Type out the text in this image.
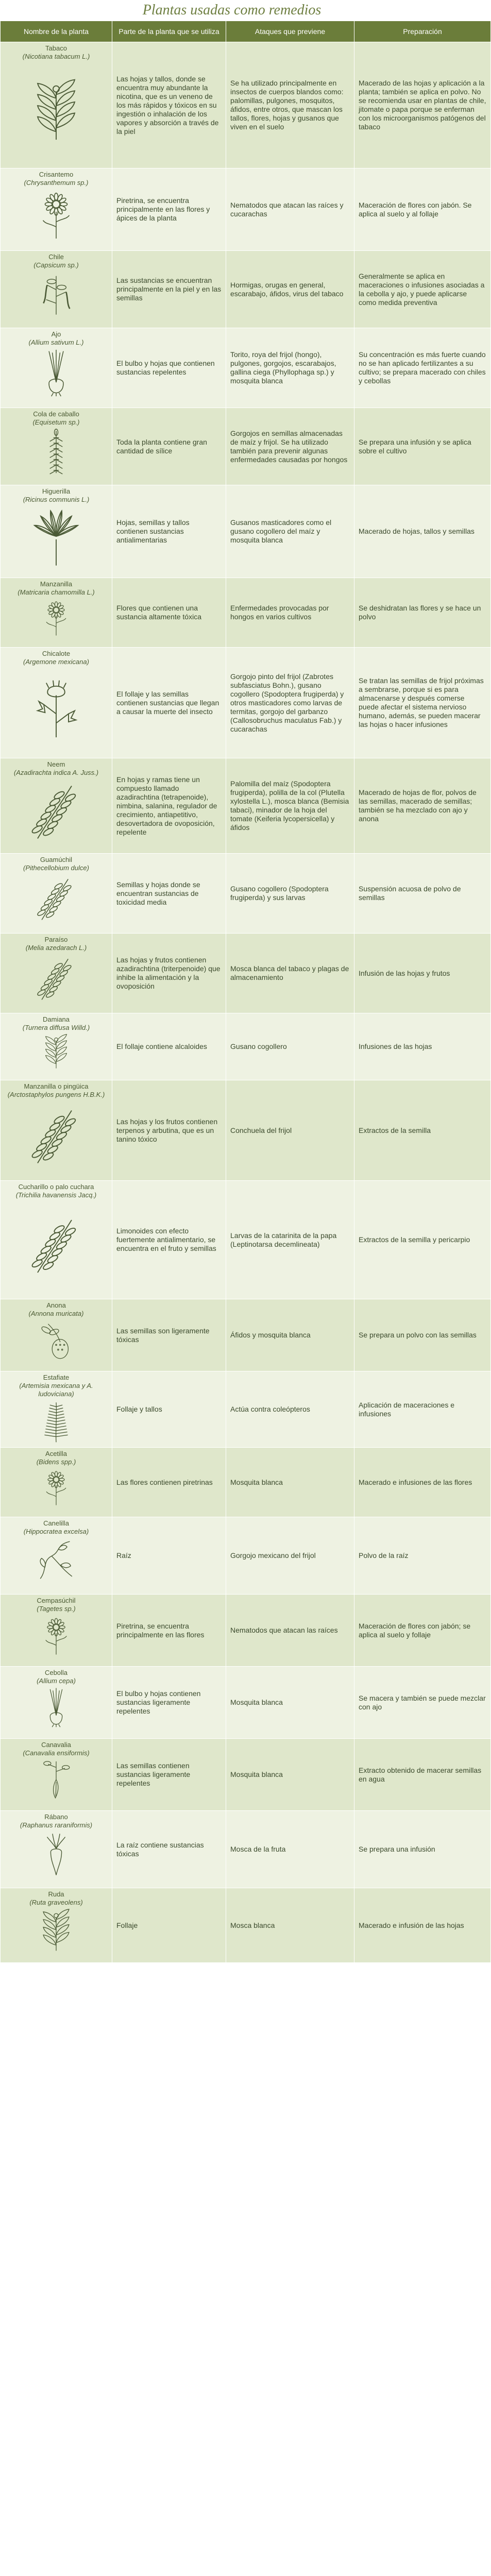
Plantas usadas como remedios
Nombre de la planta	Parte de la planta que se utiliza	Ataques que previene	Preparación

Tabaco
(Nicotiana tabacum L.)	Las hojas y tallos, donde se encuentra muy abundante la nicotina, que es un veneno de los más rápidos y tóxicos en su ingestión o inhalación de los vapores y absorción a través de la piel	Se ha utilizado principalmente en insectos de cuerpos blandos como: palomillas, pulgones, mosquitos, áfidos, entre otros, que mascan los tallos, flores, hojas y gusanos que viven en el suelo	Macerado de las hojas y aplicación a la planta; también se aplica en polvo. No se recomienda usar en plantas de chile, jitomate o papa porque se enferman con los microorganismos patógenos del tabaco

Crisantemo
(Chrysanthemum sp.)	Piretrina, se encuentra principalmente en las flores y ápices de la planta	Nematodos que atacan las raíces y cucarachas	Maceración de flores con jabón. Se aplica al suelo y al follaje

Chile
(Capsicum sp.)	Las sustancias se encuentran principalmente en la piel y en las semillas	Hormigas, orugas en general, escarabajo, áfidos, virus del tabaco	Generalmente se aplica en maceraciones o infusiones asociadas a la cebolla y ajo, y puede aplicarse como medida preventiva

Ajo
(Allium sativum L.)	El bulbo y hojas que contienen sustancias repelentes	Torito, roya del frijol (hongo), pulgones, gorgojos, escarabajos, gallina ciega (Phyllophaga sp.) y mosquita blanca	Su concentración es más fuerte cuando no se han aplicado fertilizantes a su cultivo; se prepara macerado con chiles y cebollas

Cola de caballo
(Equisetum sp.)	Toda la planta contiene gran cantidad de sílice	Gorgojos en semillas almacenadas de maíz y frijol. Se ha utilizado también para prevenir algunas enfermedades causadas por hongos	Se prepara una infusión y se aplica sobre el cultivo

Higuerilla
(Ricinus communis L.)	Hojas, semillas y tallos contienen sustancias antialimentarias	Gusanos masticadores como el gusano cogollero del maíz y mosquita blanca	Macerado de hojas, tallos y semillas

Manzanilla
(Matricaria chamomilla L.)	Flores que contienen una sustancia altamente tóxica	Enfermedades provocadas por hongos en varios cultivos	Se deshidratan las flores y se hace un polvo

Chicalote
(Argemone mexicana)	El follaje y las semillas contienen sustancias que llegan a causar la muerte del insecto	Gorgojo pinto del frijol (Zabrotes subfasciatus Bohn.), gusano cogollero (Spodoptera frugiperda) y otros masticadores como larvas de termitas, gorgojo del garbanzo (Callosobruchus maculatus Fab.) y cucarachas	Se tratan las semillas de frijol próximas a sembrarse, porque si es para almacenarse y después comerse puede afectar el sistema nervioso humano, además, se pueden macerar las hojas o hacer infusiones

Neem
(Azadirachta indica A. Juss.)	En hojas y ramas tiene un compuesto llamado azadirachtina (tetrapenoide), nimbina, salanina, regulador de crecimiento, antiapetitivo, desovertadora de ovoposición, repelente	Palomilla del maíz (Spodoptera frugiperda), polilla de la col (Plutella xylostella L.), mosca blanca (Bemisia tabaci), minador de la hoja del tomate (Keiferia lycopersicella) y áfidos	Macerado de hojas de flor, polvos de las semillas, macerado de semillas; también se ha mezclado con ajo y anona

Guamúchil
(Pithecellobium dulce)	Semillas y hojas donde se encuentran sustancias de toxicidad media	Gusano cogollero (Spodoptera frugiperda) y sus larvas	Suspensión acuosa de polvo de semillas

Paraíso
(Melia azedarach L.)	Las hojas y frutos contienen azadirachtina (triterpenoide) que inhibe la alimentación y la ovoposición	Mosca blanca del tabaco y plagas de almacenamiento	Infusión de las hojas y frutos

Damiana
(Turnera diffusa Willd.)	El follaje contiene alcaloides	Gusano cogollero	Infusiones de las hojas

Manzanilla o pingüica
(Arctostaphylos pungens H.B.K.)	Las hojas y los frutos contienen terpenos y arbutina, que es un tanino tóxico	Conchuela del frijol	Extractos de la semilla

Cucharillo o palo cuchara
(Trichilia havanensis Jacq.)	Limonoides con efecto fuertemente antialimentario, se encuentra en el fruto y semillas	Larvas de la catarinita de la papa (Leptinotarsa decemlineata)	Extractos de la semilla y pericarpio

Anona
(Annona muricata)	Las semillas son ligeramente tóxicas	Áfidos y mosquita blanca	Se prepara un polvo con las semillas

Estafiate
(Artemisia mexicana y A. ludoviciana)	Follaje y tallos	Actúa contra coleópteros	Aplicación de maceraciones e infusiones

Acetilla
(Bidens spp.)	Las flores contienen piretrinas	Mosquita blanca	Macerado e infusiones de las flores

Canelilla
(Hippocratea excelsa)	Raíz	Gorgojo mexicano del frijol	Polvo de la raíz

Cempasúchil
(Tagetes sp.)	Piretrina, se encuentra principalmente en las flores	Nematodos que atacan las raíces	Maceración de flores con jabón; se aplica al suelo y follaje

Cebolla
(Allium cepa)	El bulbo y hojas contienen sustancias ligeramente repelentes	Mosquita blanca	Se macera y también se puede mezclar con ajo

Canavalia
(Canavalia ensiformis)	Las semillas contienen sustancias ligeramente repelentes	Mosquita blanca	Extracto obtenido de macerar semillas en agua

Rábano
(Raphanus raraniformis)	La raíz contiene sustancias tóxicas	Mosca de la fruta	Se prepara una infusión

Ruda
(Ruta graveolens)	Follaje	Mosca blanca	Macerado e infusión de las hojas
